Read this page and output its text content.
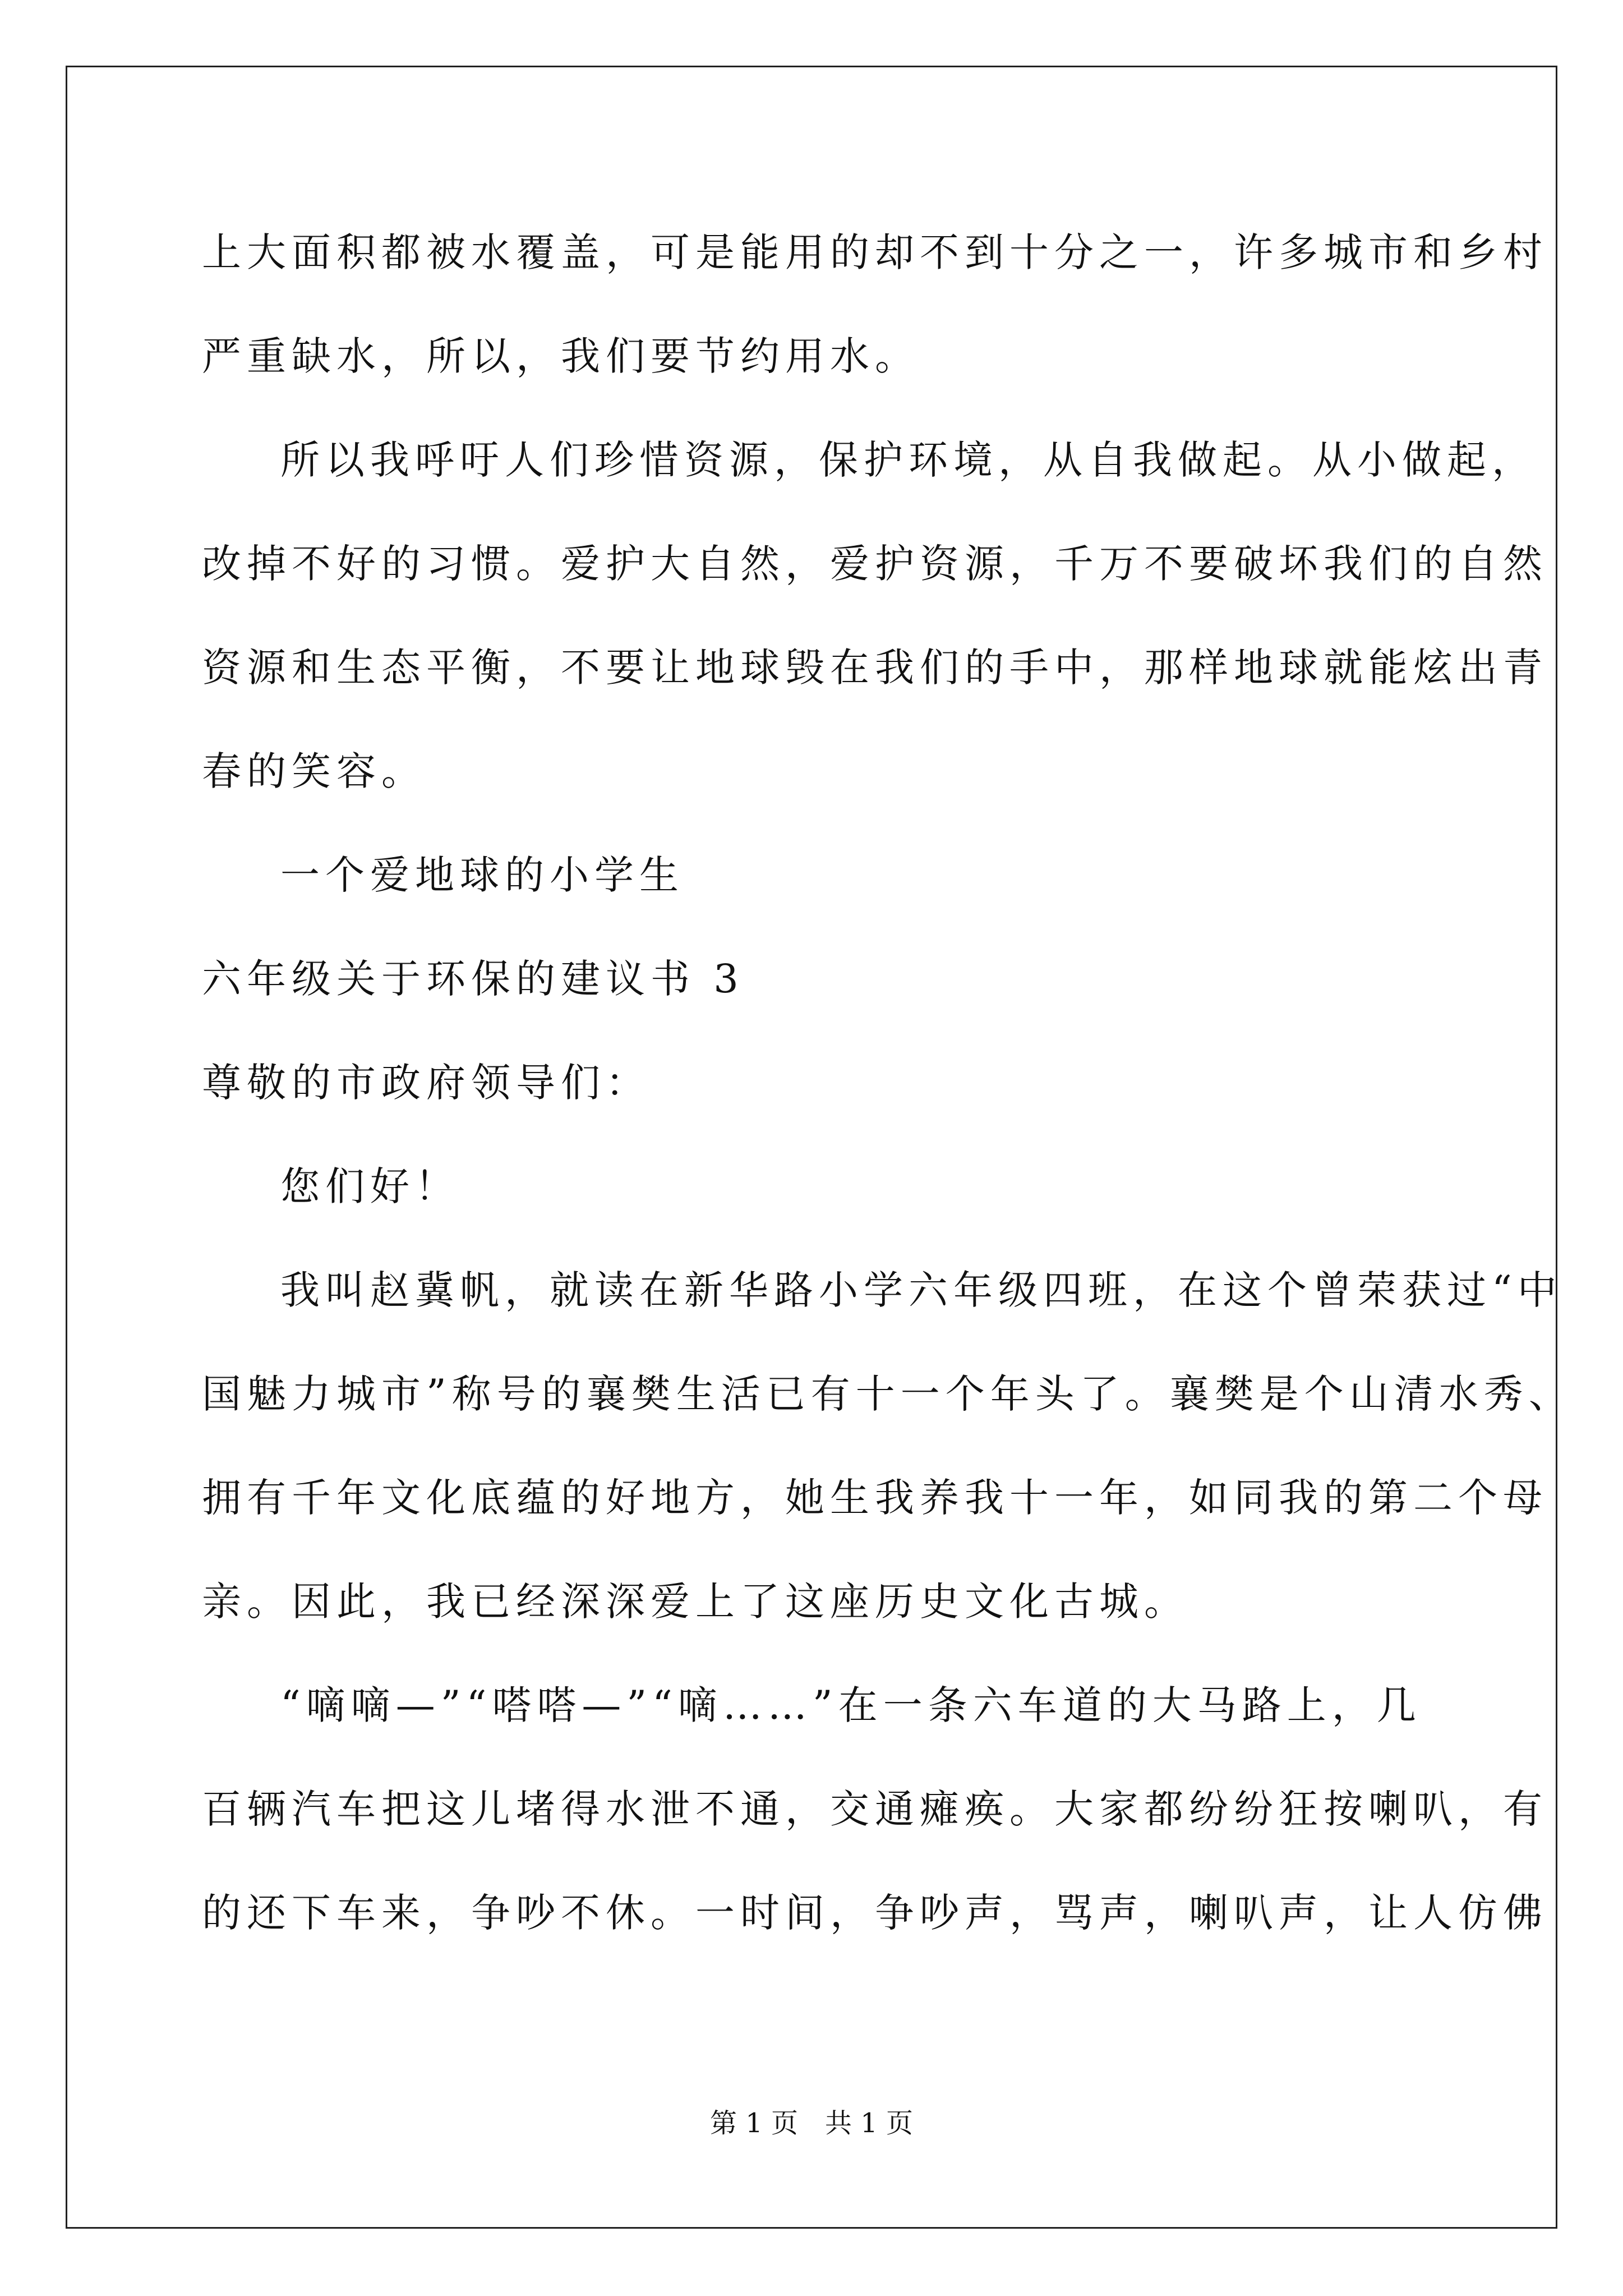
上大面积都被水覆盖，可是能用的却不到十分之一，许多城市和乡村
严重缺水，所以，我们要节约用水。
所以我呼吁人们珍惜资源，保护环境，从自我做起。从小做起，
改掉不好的习惯。爱护大自然，爱护资源，千万不要破坏我们的自然
资源和生态平衡，不要让地球毁在我们的手中，那样地球就能炫出青
春的笑容。
一个爱地球的小学生
六年级关于环保的建议书 3
尊敬的市政府领导们：
您们好！
我叫赵冀帆，就读在新华路小学六年级四班，在这个曾荣获过“中
国魅力城市”称号的襄樊生活已有十一个年头了。襄樊是个山清水秀、
拥有千年文化底蕴的好地方，她生我养我十一年，如同我的第二个母
亲。因此，我已经深深爱上了这座历史文化古城。
“嘀嘀—”“嗒嗒—”“嘀……”在一条六车道的大马路上，几
百辆汽车把这儿堵得水泄不通，交通瘫痪。大家都纷纷狂按喇叭，有
的还下车来，争吵不休。一时间，争吵声，骂声，喇叭声，让人仿佛
第 1 页　共 1 页
